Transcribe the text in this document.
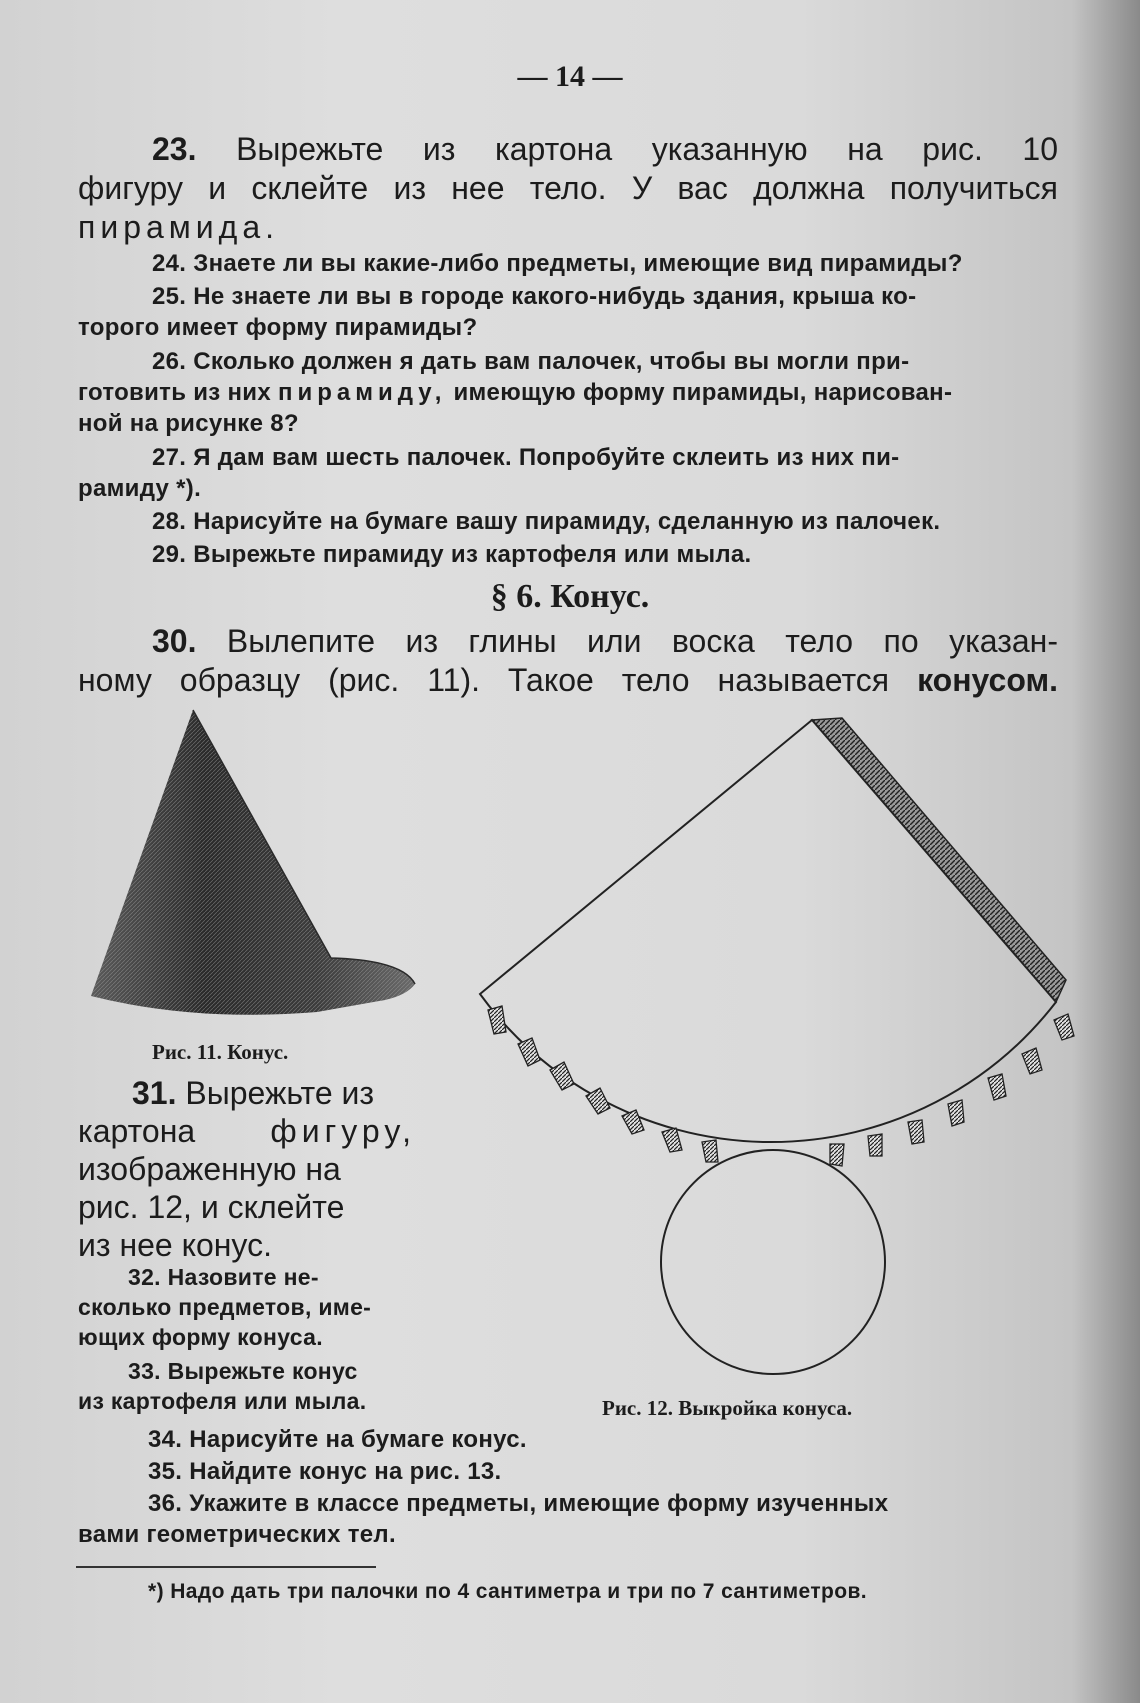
— 14 —

23. Вырежьте из картона указанную на рис. 10

фигуру и склейте из нее тело. У вас должна получиться

пирамида.

24. Знаете ли вы какие-либо предметы, имеющие вид пирамиды?

25. Не знаете ли вы в городе какого-нибудь здания, крыша ко-

торого имеет форму пирамиды?

26. Сколько должен я дать вам палочек, чтобы вы могли при-

готовить из них пирамиду, имеющую форму пирамиды, нарисован-

ной на рисунке 8?

27. Я дам вам шесть палочек. Попробуйте склеить из них пи-

рамиду *).

28. Нарисуйте на бумаге вашу пирамиду, сделанную из палочек.

29. Вырежьте пирамиду из картофеля или мыла.

§ 6. Конус.

30. Вылепите из глины или воска тело по указан-

ному образцу (рис. 11). Такое тело называется конусом.

Рис. 11. Конус.
Рис. 12. Выкройка конуса.

31. Вырежьте из

картона фигуру,

изображенную на

рис. 12, и склейте

из нее конус.

32. Назовите не-

сколько предметов, име-

ющих форму конуса.

33. Вырежьте конус

из картофеля или мыла.

34. Нарисуйте на бумаге конус.

35. Найдите конус на рис. 13.

36. Укажите в классе предметы, имеющие форму изученных

вами геометрических тел.

*) Надо дать три палочки по 4 сантиметра и три по 7 сантиметров.
